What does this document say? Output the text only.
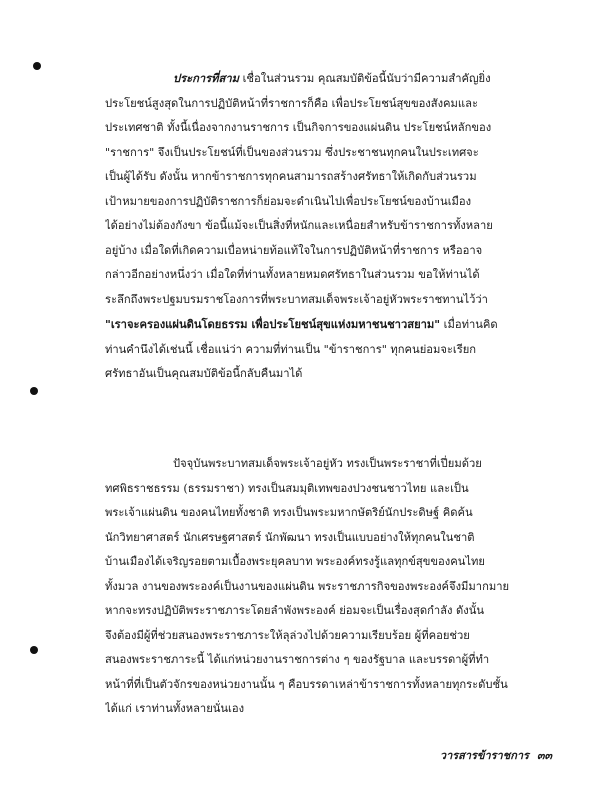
ประการที่สาม เชื่อในส่วนรวม คุณสมบัติข้อนี้นับว่ามีความสำคัญยิ่ง
ประโยชน์สูงสุดในการปฏิบัติหน้าที่ราชการก็คือ เพื่อประโยชน์สุขของสังคมและ
ประเทศชาติ ทั้งนี้เนื่องจากงานราชการ เป็นกิจการของแผ่นดิน ประโยชน์หลักของ
"ราชการ" จึงเป็นประโยชน์ที่เป็นของส่วนรวม ซึ่งประชาชนทุกคนในประเทศจะ
เป็นผู้ได้รับ ดังนั้น หากข้าราชการทุกคนสามารถสร้างศรัทธาให้เกิดกับส่วนรวม
เป้าหมายของการปฏิบัติราชการก็ย่อมจะดำเนินไปเพื่อประโยชน์ของบ้านเมือง
ได้อย่างไม่ต้องกังขา ข้อนี้แม้จะเป็นสิ่งที่หนักและเหนื่อยสำหรับข้าราชการทั้งหลาย
อยู่บ้าง เมื่อใดที่เกิดความเบื่อหน่ายท้อแท้ใจในการปฏิบัติหน้าที่ราชการ หรืออาจ
กล่าวอีกอย่างหนึ่งว่า เมื่อใดที่ท่านทั้งหลายหมดศรัทธาในส่วนรวม ขอให้ท่านได้
ระลึกถึงพระปฐมบรมราชโองการที่พระบาทสมเด็จพระเจ้าอยู่หัวพระราชทานไว้ว่า
"เราจะครองแผ่นดินโดยธรรม เพื่อประโยชน์สุขแห่งมหาชนชาวสยาม" เมื่อท่านคิด
ท่านคำนึงได้เช่นนี้ เชื่อแน่ว่า ความที่ท่านเป็น "ข้าราชการ" ทุกคนย่อมจะเรียก
ศรัทธาอันเป็นคุณสมบัติข้อนี้กลับคืนมาได้
ปัจจุบันพระบาทสมเด็จพระเจ้าอยู่หัว ทรงเป็นพระราชาที่เปี่ยมด้วย
ทศพิธราชธรรม (ธรรมราชา) ทรงเป็นสมมุติเทพของปวงชนชาวไทย และเป็น
พระเจ้าแผ่นดิน ของคนไทยทั้งชาติ ทรงเป็นพระมหากษัตริย์นักประดิษฐ์ คิดค้น
นักวิทยาศาสตร์ นักเศรษฐศาสตร์ นักพัฒนา ทรงเป็นแบบอย่างให้ทุกคนในชาติ
บ้านเมืองได้เจริญรอยตามเบื้องพระยุคลบาท พระองค์ทรงรู้แลทุกข์สุขของคนไทย
ทั้งมวล งานของพระองค์เป็นงานของแผ่นดิน พระราชภารกิจของพระองค์จึงมีมากมาย
หากจะทรงปฏิบัติพระราชภาระโดยลำพังพระองค์ ย่อมจะเป็นเรื่องสุดกำลัง ดังนั้น
จึงต้องมีผู้ที่ช่วยสนองพระราชภาระให้ลุล่วงไปด้วยความเรียบร้อย ผู้ที่คอยช่วย
สนองพระราชภาระนี้ ได้แก่หน่วยงานราชการต่าง ๆ ของรัฐบาล และบรรดาผู้ที่ทำ
หน้าที่ที่เป็นตัวจักรของหน่วยงานนั้น ๆ คือบรรดาเหล่าข้าราชการทั้งหลายทุกระดับชั้น
ได้แก่ เราท่านทั้งหลายนั่นเอง
วารสารข้าราชการ ๓๓
